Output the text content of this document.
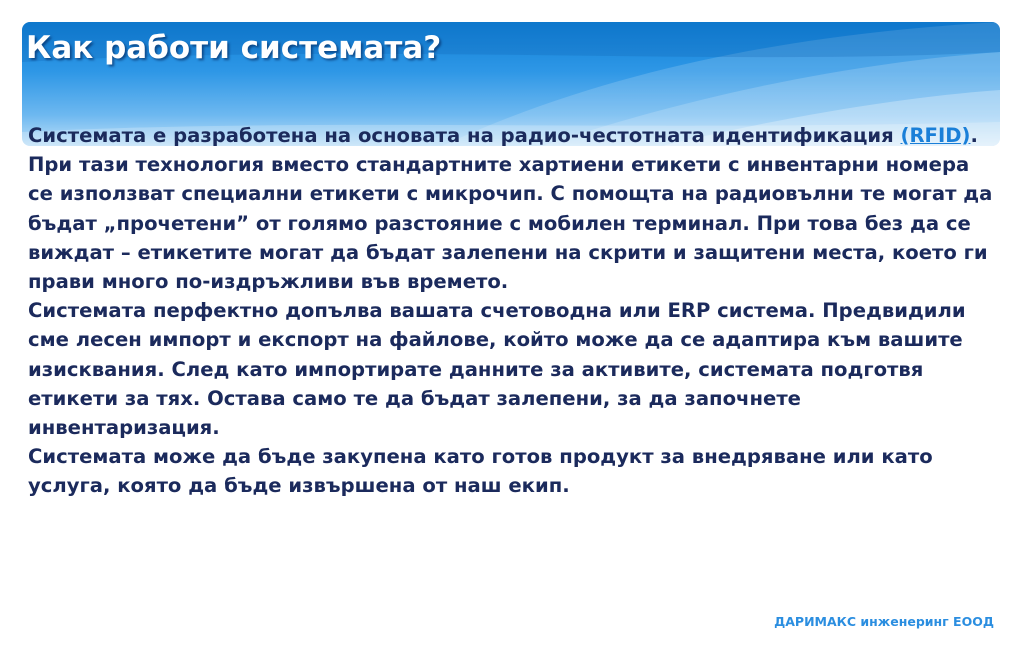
Как работи системата?

Системата е разработена на основата на радио-честотната идентификация (RFID).

При тази технология вместо стандартните хартиени етикети с инвентарни номера се използват специални етикети с микрочип. С помощта на радиовълни те могат да бъдат „прочетени” от голямо разстояние с мобилен терминал. При това без да се виждат – етикетите могат да бъдат залепени на скрити и защитени места, което ги прави много по-издръжливи във времето.

Системата перфектно допълва вашата счетоводна или ERP система. Предвидили сме лесен импорт и експорт на файлове, който може да се адаптира към вашите изисквания. След като импортирате данните за активите, системата подготвя етикети за тях. Остава само те да бъдат залепени, за да започнете инвентаризация.

Системата може да бъде закупена като готов продукт за внедряване или като услуга, която да бъде извършена от наш екип.

ДАРИМАКС инженеринг ЕООД
